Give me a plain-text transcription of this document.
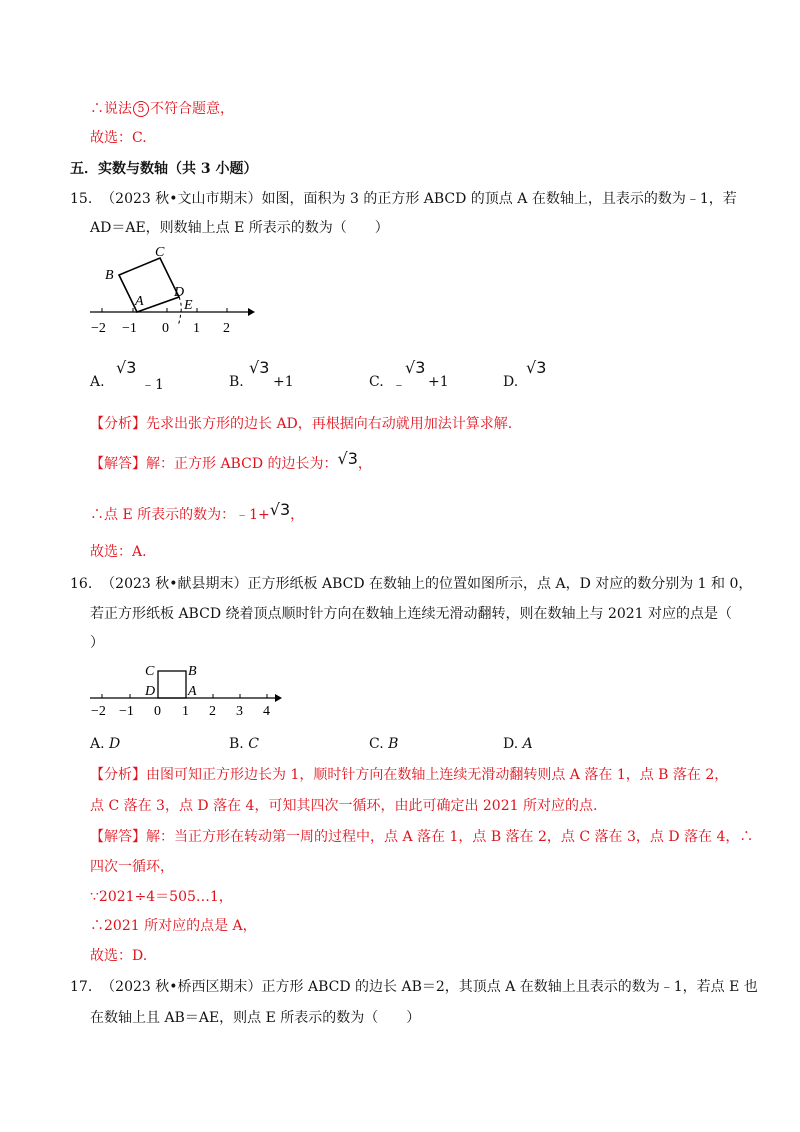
∴说法 5 不符合题意，
故选：C.
五．实数与数轴（共 3 小题）
15. （2023 秋•文山市期末）如图，面积为 3 的正方形 ABCD 的顶点 A 在数轴上，且表示的数为﹣1，若
AD＝AE，则数轴上点 E 所表示的数为（　　）
B
C
A
D
E
−2 −1 0 1 2
A.
√3
﹣1	B.
√3
+1	C. ﹣
√3
+1	D.
√3
【分析】先求出张方形的边长 AD，再根据向右动就用加法计算求解.
【解答】解：正方形 ABCD 的边长为：√3，
∴点 E 所表示的数为：﹣1+√3，
故选：A.
16. （2023 秋•献县期末）正方形纸板 ABCD 在数轴上的位置如图所示，点 A，D 对应的数分别为 1 和 0，
若正方形纸板 ABCD 绕着顶点顺时针方向在数轴上连续无滑动翻转，则在数轴上与 2021 对应的点是（
）
C B
D A
−2 −1 0 1 2 3 4
A. D	B. C	C. B	D. A
【分析】由图可知正方形边长为 1，顺时针方向在数轴上连续无滑动翻转则点 A 落在 1，点 B 落在 2，
点 C 落在 3，点 D 落在 4，可知其四次一循环，由此可确定出 2021 所对应的点.
【解答】解：当正方形在转动第一周的过程中，点 A 落在 1，点 B 落在 2，点 C 落在 3，点 D 落在 4，∴
四次一循环，
∵2021÷4＝505…1，
∴2021 所对应的点是 A，
故选：D.
17. （2023 秋•桥西区期末）正方形 ABCD 的边长 AB＝2，其顶点 A 在数轴上且表示的数为﹣1，若点 E 也
在数轴上且 AB＝AE，则点 E 所表示的数为（　　）
